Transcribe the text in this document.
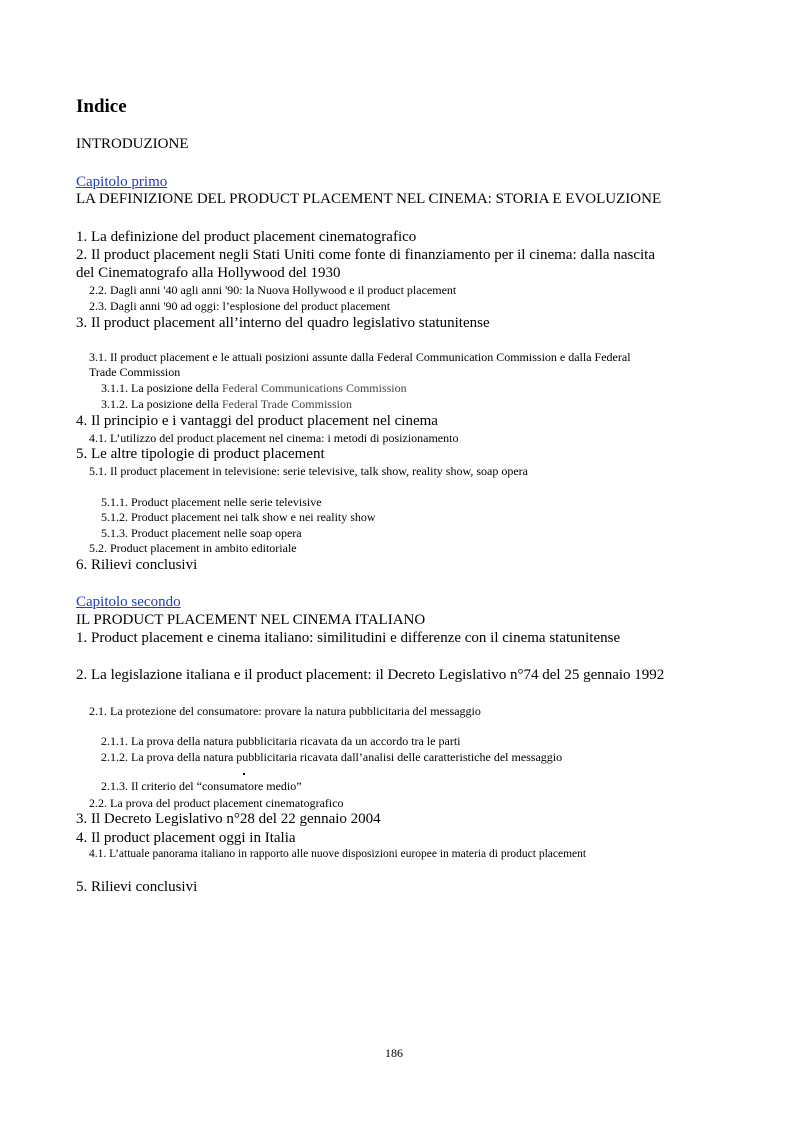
Indice
INTRODUZIONE
Capitolo primo
LA DEFINIZIONE DEL PRODUCT PLACEMENT NEL CINEMA: STORIA E EVOLUZIONE
1. La definizione del product placement cinematografico
2. Il product placement negli Stati Uniti come fonte di finanziamento per il cinema: dalla nascita
del Cinematografo alla Hollywood del 1930
2.2. Dagli anni '40 agli anni '90: la Nuova Hollywood e il product placement
2.3. Dagli anni '90 ad oggi: l’esplosione del product placement
3. Il product placement all’interno del quadro legislativo statunitense
3.1. Il product placement e le attuali posizioni assunte dalla Federal Communication Commission e dalla Federal
Trade Commission
3.1.1. La posizione della Federal Communications Commission
3.1.2. La posizione della Federal Trade Commission
4. Il principio e i vantaggi del product placement nel cinema
4.1. L’utilizzo del product placement nel cinema: i metodi di posizionamento
5. Le altre tipologie di product placement
5.1. Il product placement in televisione: serie televisive, talk show, reality show, soap opera
5.1.1. Product placement nelle serie televisive
5.1.2. Product placement nei talk show e nei reality show
5.1.3. Product placement nelle soap opera
5.2. Product placement in ambito editoriale
6. Rilievi conclusivi
Capitolo secondo
IL PRODUCT PLACEMENT NEL CINEMA ITALIANO
1. Product placement e cinema italiano: similitudini e differenze con il cinema statunitense
2. La legislazione italiana e il product placement: il Decreto Legislativo n°74 del 25 gennaio 1992
2.1. La protezione del consumatore: provare la natura pubblicitaria del messaggio
2.1.1. La prova della natura pubblicitaria ricavata da un accordo tra le parti
2.1.2. La prova della natura pubblicitaria ricavata dall’analisi delle caratteristiche del messaggio
2.1.3. Il criterio del “consumatore medio”
2.2. La prova del product placement cinematografico
3. Il Decreto Legislativo n°28 del 22 gennaio 2004
4. Il product placement oggi in Italia
4.1. L’attuale panorama italiano in rapporto alle nuove disposizioni europee in materia di product placement
5. Rilievi conclusivi
186
